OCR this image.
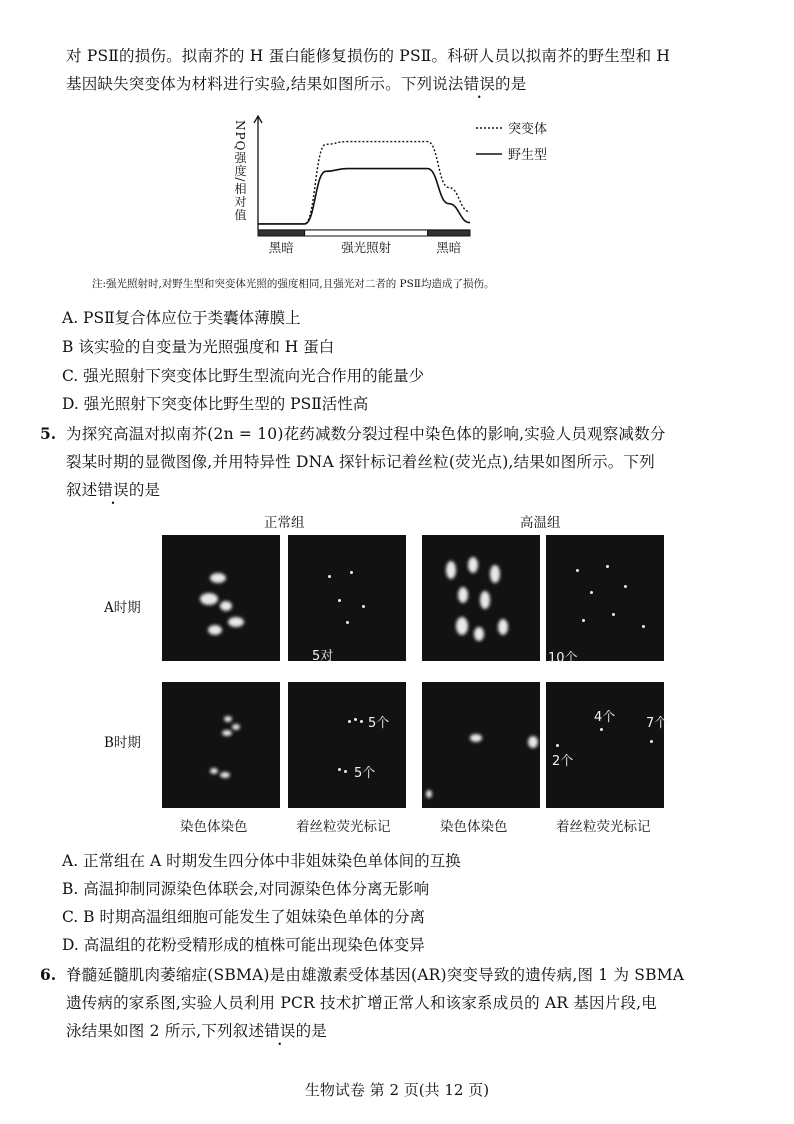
对 PSⅡ的损伤。拟南芥的 H 蛋白能修复损伤的 PSⅡ。科研人员以拟南芥的野生型和 H
基因缺失突变体为材料进行实验,结果如图所示。下列说法错误的是
NPQ强度/相对值
黑暗	强光照射	黑暗
突变体
野生型
注:强光照射时,对野生型和突变体光照的强度相同,且强光对二者的 PSⅡ均造成了损伤。
A. PSⅡ复合体应位于类囊体薄膜上
B 该实验的自变量为光照强度和 H 蛋白
C. 强光照射下突变体比野生型流向光合作用的能量少
D. 强光照射下突变体比野生型的 PSⅡ活性高
5. 为探究高温对拟南芥(2n = 10)花药减数分裂过程中染色体的影响,实验人员观察减数分
裂某时期的显微图像,并用特异性 DNA 探针标记着丝粒(荧光点),结果如图所示。下列
叙述错误的是
正常组	高温组
A时期
B时期
5对	10个
5个
5个
4个 7个
2个
染色体染色	着丝粒荧光标记	染色体染色	着丝粒荧光标记
A. 正常组在 A 时期发生四分体中非姐妹染色单体间的互换
B. 高温抑制同源染色体联会,对同源染色体分离无影响
C. B 时期高温组细胞可能发生了姐妹染色单体的分离
D. 高温组的花粉受精形成的植株可能出现染色体变异
6. 脊髓延髓肌肉萎缩症(SBMA)是由雄激素受体基因(AR)突变导致的遗传病,图 1 为 SBMA
遗传病的家系图,实验人员利用 PCR 技术扩增正常人和该家系成员的 AR 基因片段,电
泳结果如图 2 所示,下列叙述错误的是
生物试卷 第 2 页(共 12 页)
